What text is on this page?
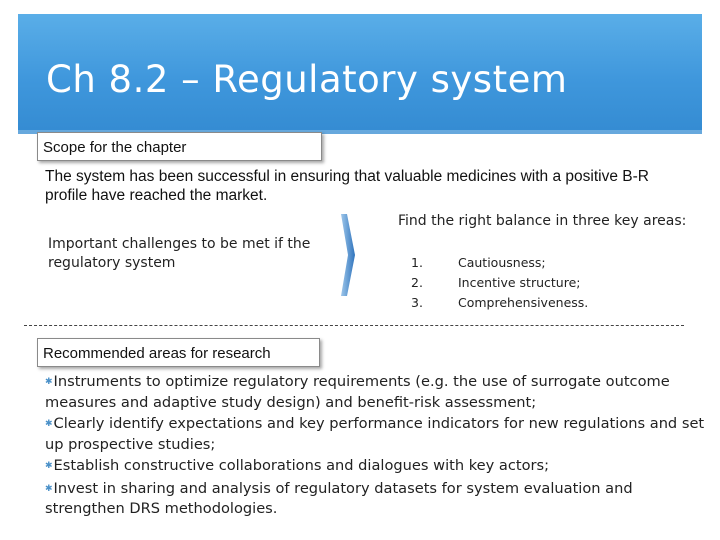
Ch 8.2 – Regulatory system
Scope for the chapter
The system has been successful in ensuring that valuable medicines with a positive B-R profile have reached the market.
Important challenges to be met if the regulatory system
Find the right balance in three key areas:
1.	Cautiousness;
2.	Incentive structure;
3.	Comprehensiveness.
Recommended areas for research
✱Instruments to optimize regulatory requirements (e.g. the use of surrogate outcome measures and adaptive study design) and benefit-risk assessment;
✱Clearly identify expectations and key performance indicators for new regulations and set up prospective studies;
✱Establish constructive collaborations and dialogues with key actors;
✱Invest in sharing and analysis of regulatory datasets for system evaluation and strengthen DRS methodologies.
